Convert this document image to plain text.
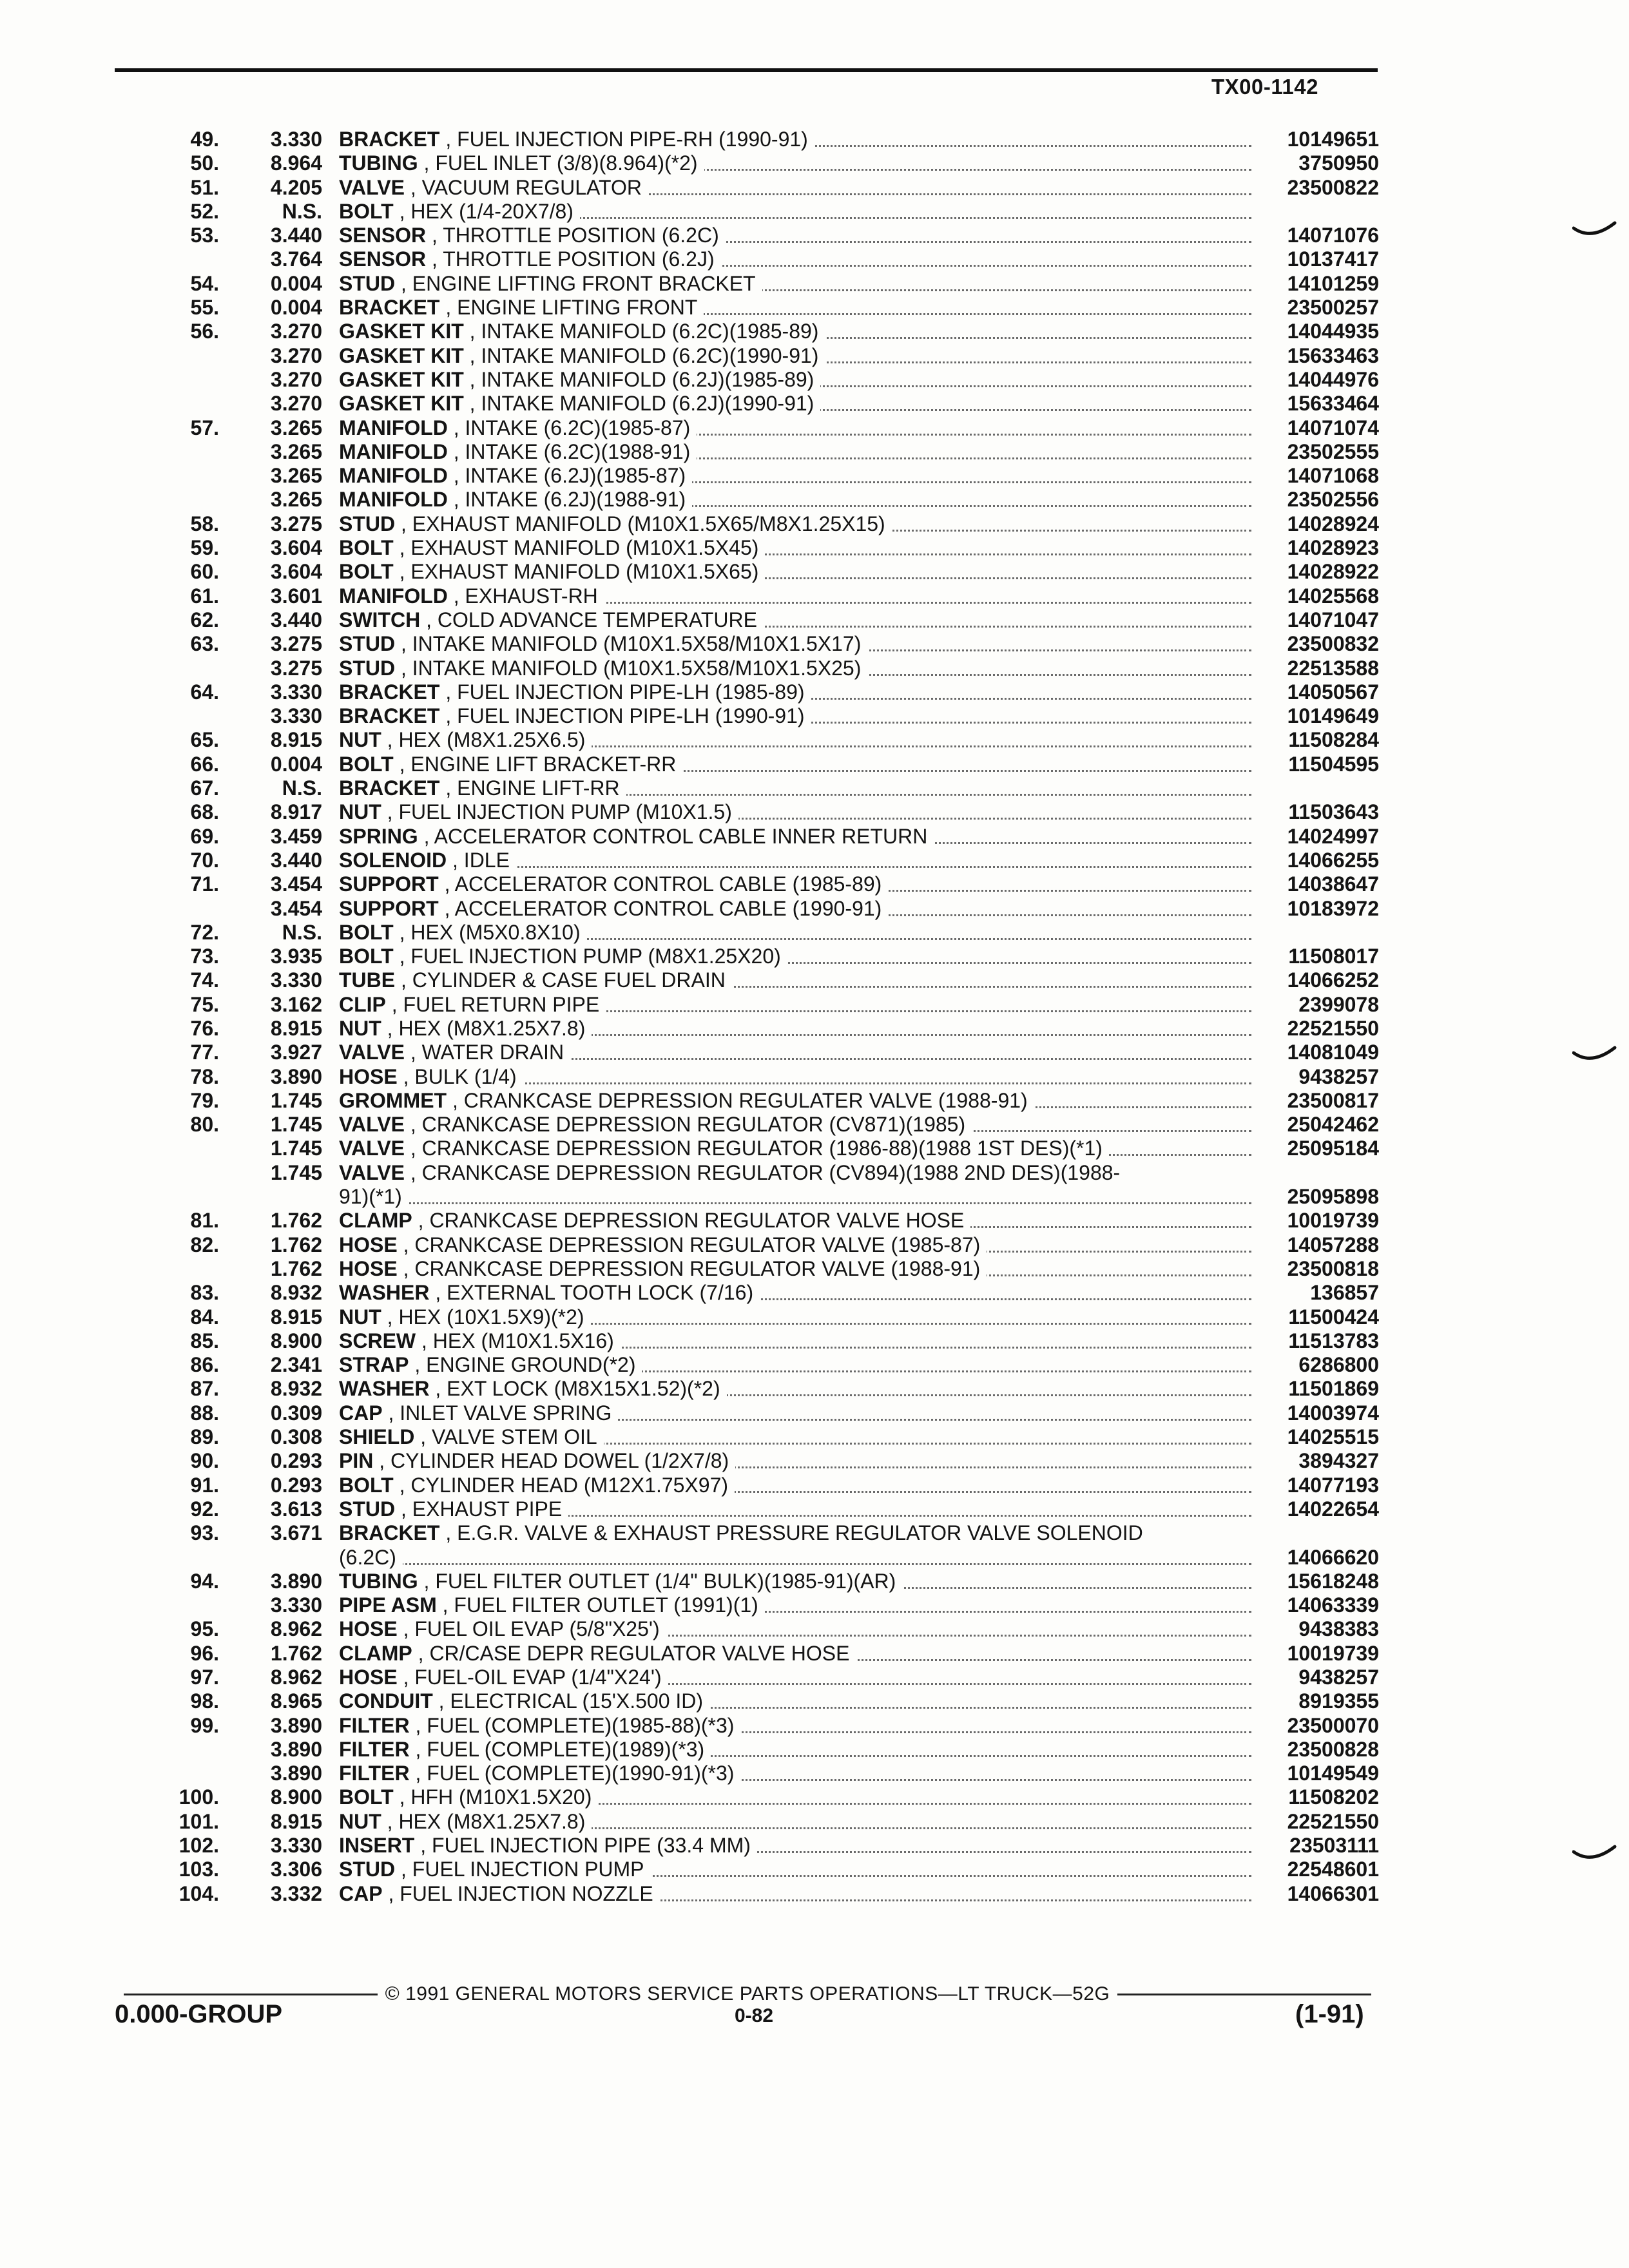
TX00-1142
49.	3.330 BRACKET , FUEL INJECTION PIPE-RH (1990-91)	10149651
50.	8.964 TUBING , FUEL INLET (3/8)(8.964)(*2)	3750950
51.	4.205 VALVE , VACUUM REGULATOR	23500822
52.	N.S. BOLT , HEX (1/4-20X7/8)
53.	3.440 SENSOR , THROTTLE POSITION (6.2C)	14071076
3.764 SENSOR , THROTTLE POSITION (6.2J)	10137417
54.	0.004 STUD , ENGINE LIFTING FRONT BRACKET	14101259
55.	0.004 BRACKET , ENGINE LIFTING FRONT	23500257
56.	3.270 GASKET KIT , INTAKE MANIFOLD (6.2C)(1985-89)	14044935
3.270 GASKET KIT , INTAKE MANIFOLD (6.2C)(1990-91)	15633463
3.270 GASKET KIT , INTAKE MANIFOLD (6.2J)(1985-89)	14044976
3.270 GASKET KIT , INTAKE MANIFOLD (6.2J)(1990-91)	15633464
57.	3.265 MANIFOLD , INTAKE (6.2C)(1985-87)	14071074
3.265 MANIFOLD , INTAKE (6.2C)(1988-91)	23502555
3.265 MANIFOLD , INTAKE (6.2J)(1985-87)	14071068
3.265 MANIFOLD , INTAKE (6.2J)(1988-91)	23502556
58.	3.275 STUD , EXHAUST MANIFOLD (M10X1.5X65/M8X1.25X15)	14028924
59.	3.604 BOLT , EXHAUST MANIFOLD (M10X1.5X45)	14028923
60.	3.604 BOLT , EXHAUST MANIFOLD (M10X1.5X65)	14028922
61.	3.601 MANIFOLD , EXHAUST-RH	14025568
62.	3.440 SWITCH , COLD ADVANCE TEMPERATURE	14071047
63.	3.275 STUD , INTAKE MANIFOLD (M10X1.5X58/M10X1.5X17)	23500832
3.275 STUD , INTAKE MANIFOLD (M10X1.5X58/M10X1.5X25)	22513588
64.	3.330 BRACKET , FUEL INJECTION PIPE-LH (1985-89)	14050567
3.330 BRACKET , FUEL INJECTION PIPE-LH (1990-91)	10149649
65.	8.915 NUT , HEX (M8X1.25X6.5)	11508284
66.	0.004 BOLT , ENGINE LIFT BRACKET-RR	11504595
67.	N.S. BRACKET , ENGINE LIFT-RR
68.	8.917 NUT , FUEL INJECTION PUMP (M10X1.5)	11503643
69.	3.459 SPRING , ACCELERATOR CONTROL CABLE INNER RETURN	14024997
70.	3.440 SOLENOID , IDLE	14066255
71.	3.454 SUPPORT , ACCELERATOR CONTROL CABLE (1985-89)	14038647
3.454 SUPPORT , ACCELERATOR CONTROL CABLE (1990-91)	10183972
72.	N.S. BOLT , HEX (M5X0.8X10)
73.	3.935 BOLT , FUEL INJECTION PUMP (M8X1.25X20)	11508017
74.	3.330 TUBE , CYLINDER & CASE FUEL DRAIN	14066252
75.	3.162 CLIP , FUEL RETURN PIPE	2399078
76.	8.915 NUT , HEX (M8X1.25X7.8)	22521550
77.	3.927 VALVE , WATER DRAIN	14081049
78.	3.890 HOSE , BULK (1/4)	9438257
79.	1.745 GROMMET , CRANKCASE DEPRESSION REGULATER VALVE (1988-91)	23500817
80.	1.745 VALVE , CRANKCASE DEPRESSION REGULATOR (CV871)(1985)	25042462
1.745 VALVE , CRANKCASE DEPRESSION REGULATOR (1986-88)(1988 1ST DES)(*1)	25095184
1.745 VALVE , CRANKCASE DEPRESSION REGULATOR (CV894)(1988 2ND DES)(1988-
91)(*1)	25095898
81.	1.762 CLAMP , CRANKCASE DEPRESSION REGULATOR VALVE HOSE	10019739
82.	1.762 HOSE , CRANKCASE DEPRESSION REGULATOR VALVE (1985-87)	14057288
1.762 HOSE , CRANKCASE DEPRESSION REGULATOR VALVE (1988-91)	23500818
83.	8.932 WASHER , EXTERNAL TOOTH LOCK (7/16)	136857
84.	8.915 NUT , HEX (10X1.5X9)(*2)	11500424
85.	8.900 SCREW , HEX (M10X1.5X16)	11513783
86.	2.341 STRAP , ENGINE GROUND(*2)	6286800
87.	8.932 WASHER , EXT LOCK (M8X15X1.52)(*2)	11501869
88.	0.309 CAP , INLET VALVE SPRING	14003974
89.	0.308 SHIELD , VALVE STEM OIL	14025515
90.	0.293 PIN , CYLINDER HEAD DOWEL (1/2X7/8)	3894327
91.	0.293 BOLT , CYLINDER HEAD (M12X1.75X97)	14077193
92.	3.613 STUD , EXHAUST PIPE	14022654
93.	3.671 BRACKET , E.G.R. VALVE & EXHAUST PRESSURE REGULATOR VALVE SOLENOID
(6.2C)	14066620
94.	3.890 TUBING , FUEL FILTER OUTLET (1/4" BULK)(1985-91)(AR)	15618248
3.330 PIPE ASM , FUEL FILTER OUTLET (1991)(1)	14063339
95.	8.962 HOSE , FUEL OIL EVAP (5/8"X25')	9438383
96.	1.762 CLAMP , CR/CASE DEPR REGULATOR VALVE HOSE	10019739
97.	8.962 HOSE , FUEL-OIL EVAP (1/4"X24')	9438257
98.	8.965 CONDUIT , ELECTRICAL (15'X.500 ID)	8919355
99.	3.890 FILTER , FUEL (COMPLETE)(1985-88)(*3)	23500070
3.890 FILTER , FUEL (COMPLETE)(1989)(*3)	23500828
3.890 FILTER , FUEL (COMPLETE)(1990-91)(*3)	10149549
100.	8.900 BOLT , HFH (M10X1.5X20)	11508202
101.	8.915 NUT , HEX (M8X1.25X7.8)	22521550
102.	3.330 INSERT , FUEL INJECTION PIPE (33.4 MM)	23503111
103.	3.306 STUD , FUEL INJECTION PUMP	22548601
104.	3.332 CAP , FUEL INJECTION NOZZLE	14066301
© 1991 GENERAL MOTORS SERVICE PARTS OPERATIONS—LT TRUCK—52G
0.000-GROUP	0-82	(1-91)
